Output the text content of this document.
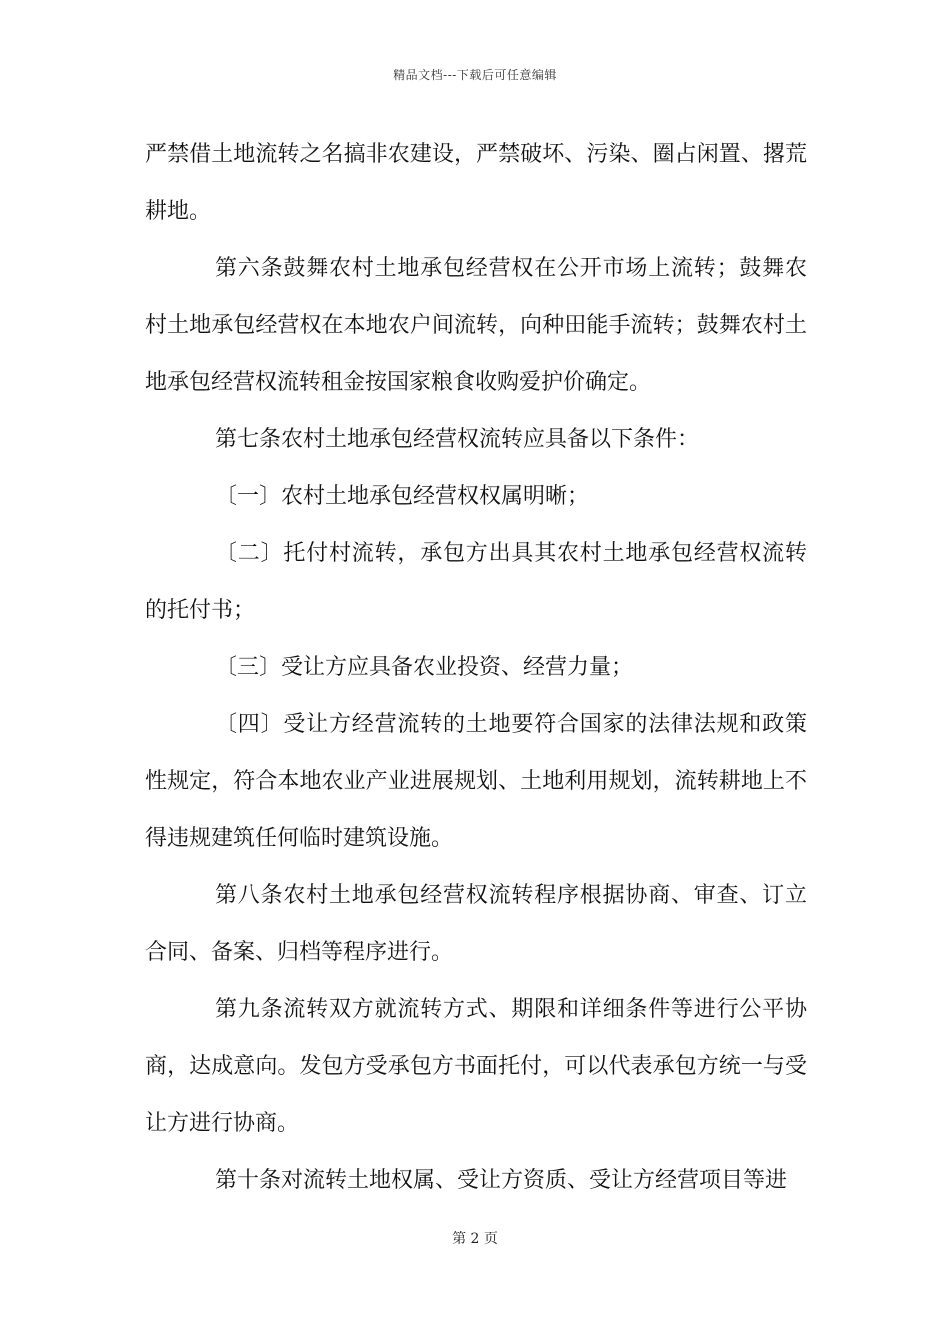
精品文档---下载后可任意编辑

严禁借土地流转之名搞非农建设，严禁破坏、污染、圈占闲置、撂荒耕地。

第六条鼓舞农村土地承包经营权在公开市场上流转；鼓舞农村土地承包经营权在本地农户间流转，向种田能手流转；鼓舞农村土地承包经营权流转租金按国家粮食收购爱护价确定。

第七条农村土地承包经营权流转应具备以下条件：

〔一〕农村土地承包经营权权属明晰；

〔二〕托付村流转，承包方出具其农村土地承包经营权流转的托付书；

〔三〕受让方应具备农业投资、经营力量；

〔四〕受让方经营流转的土地要符合国家的法律法规和政策性规定，符合本地农业产业进展规划、土地利用规划，流转耕地上不得违规建筑任何临时建筑设施。

第八条农村土地承包经营权流转程序根据协商、审查、订立合同、备案、归档等程序进行。

第九条流转双方就流转方式、期限和详细条件等进行公平协商，达成意向。发包方受承包方书面托付，可以代表承包方统一与受让方进行协商。

第十条对流转土地权属、受让方资质、受让方经营项目等进

第 2 页
